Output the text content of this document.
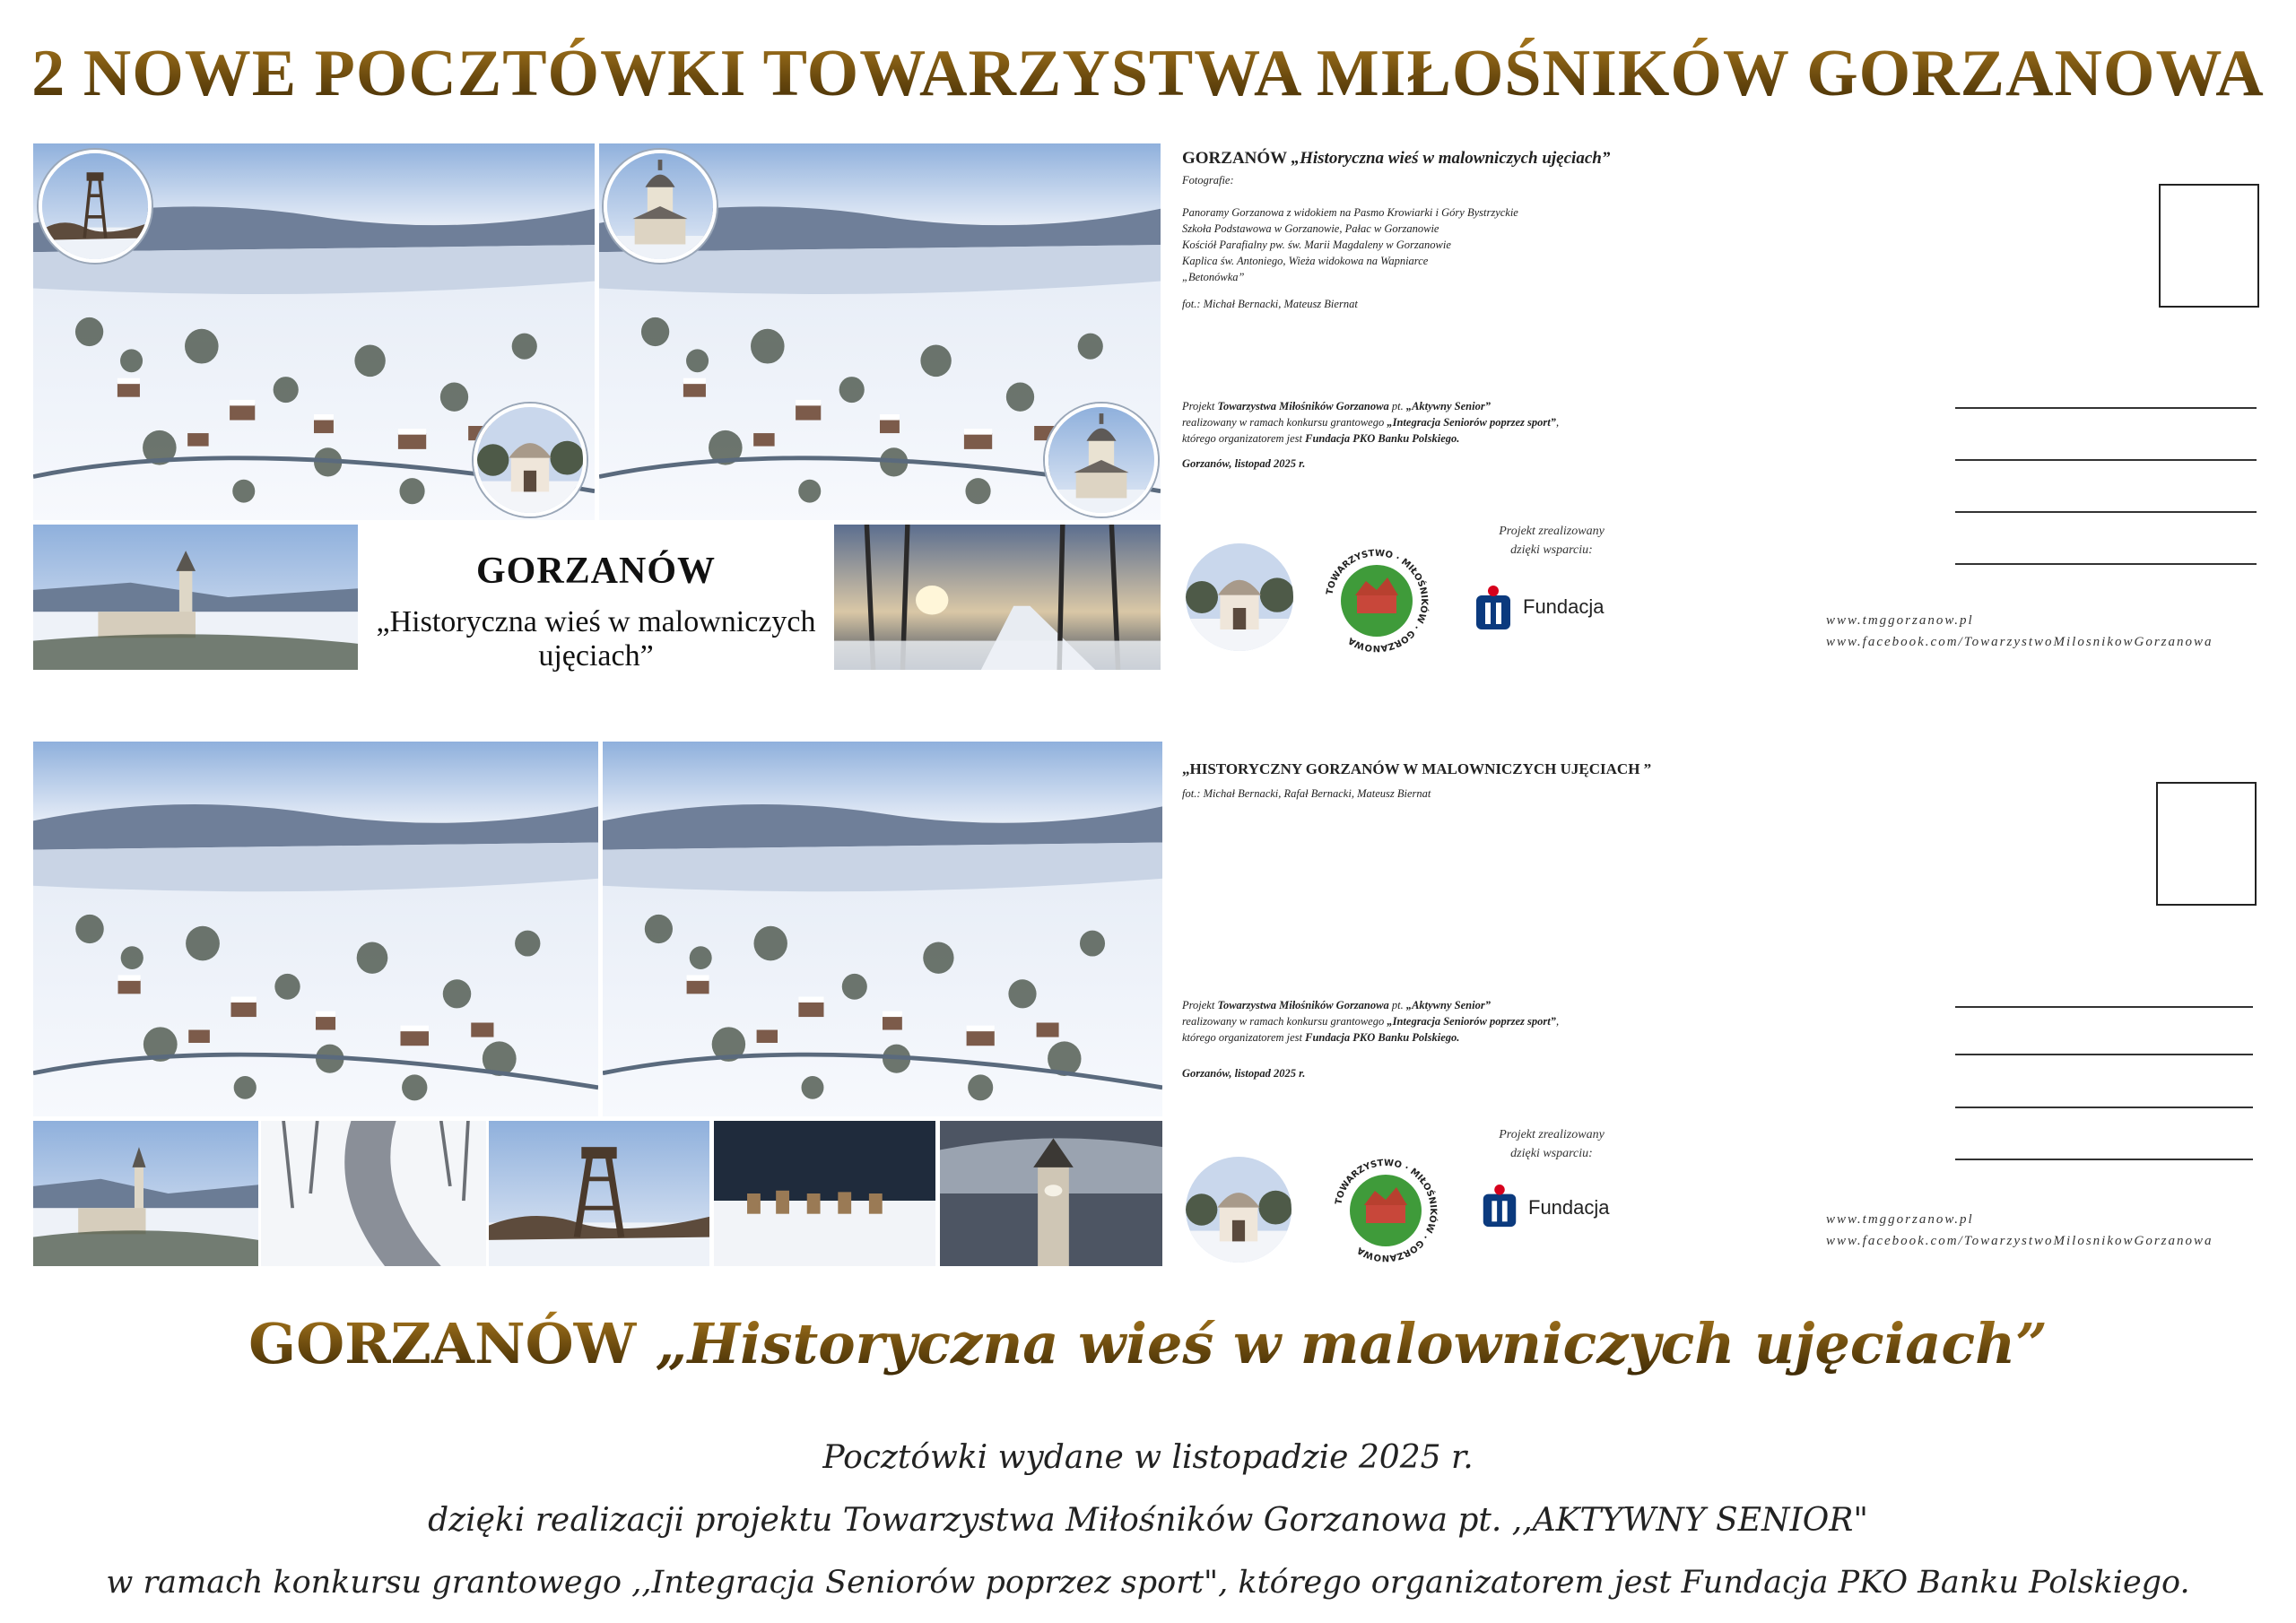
2 NOWE POCZTÓWKI TOWARZYSTWA MIŁOŚNIKÓW GORZANOWA
GORZANÓW
„Historyczna wieś w malowniczych ujęciach”
GORZANÓW „Historyczna wieś w malowniczych ujęciach”
Fotografie:
Panoramy Gorzanowa z widokiem na Pasmo Krowiarki i Góry Bystrzyckie
Szkoła Podstawowa w Gorzanowie, Pałac w Gorzanowie
Kościół Parafialny pw. św. Marii Magdaleny w Gorzanowie
Kaplica św. Antoniego, Wieża widokowa na Wapniarce
„Betonówka”
fot.: Michał Bernacki, Mateusz Biernat
Projekt Towarzystwa Miłośników Gorzanowa pt. „Aktywny Senior”
realizowany w ramach konkursu grantowego „Integracja Seniorów poprzez sport”,
którego organizatorem jest Fundacja PKO Banku Polskiego.
Gorzanów, listopad 2025 r.
TOWARZYSTWO · MIŁOŚNIKÓW · GORZANOWA
Projekt zrealizowany
dzięki wsparciu:
Fundacja
www.tmggorzanow.pl
www.facebook.com/TowarzystwoMilosnikowGorzanowa
„HISTORYCZNY GORZANÓW W MALOWNICZYCH UJĘCIACH ”
fot.: Michał Bernacki, Rafał Bernacki, Mateusz Biernat
Projekt Towarzystwa Miłośników Gorzanowa pt. „Aktywny Senior”
realizowany w ramach konkursu grantowego „Integracja Seniorów poprzez sport”,
którego organizatorem jest Fundacja PKO Banku Polskiego.
Gorzanów, listopad 2025 r.
TOWARZYSTWO · MIŁOŚNIKÓW · GORZANOWA
Projekt zrealizowany
dzięki wsparciu:
Fundacja
www.tmggorzanow.pl
www.facebook.com/TowarzystwoMilosnikowGorzanowa
GORZANÓW „Historyczna wieś w malowniczych ujęciach”
Pocztówki wydane w listopadzie 2025 r.
dzięki realizacji projektu Towarzystwa Miłośników Gorzanowa pt. ,,AKTYWNY SENIOR"
w ramach konkursu grantowego ,,Integracja Seniorów poprzez sport", którego organizatorem jest Fundacja PKO Banku Polskiego.
